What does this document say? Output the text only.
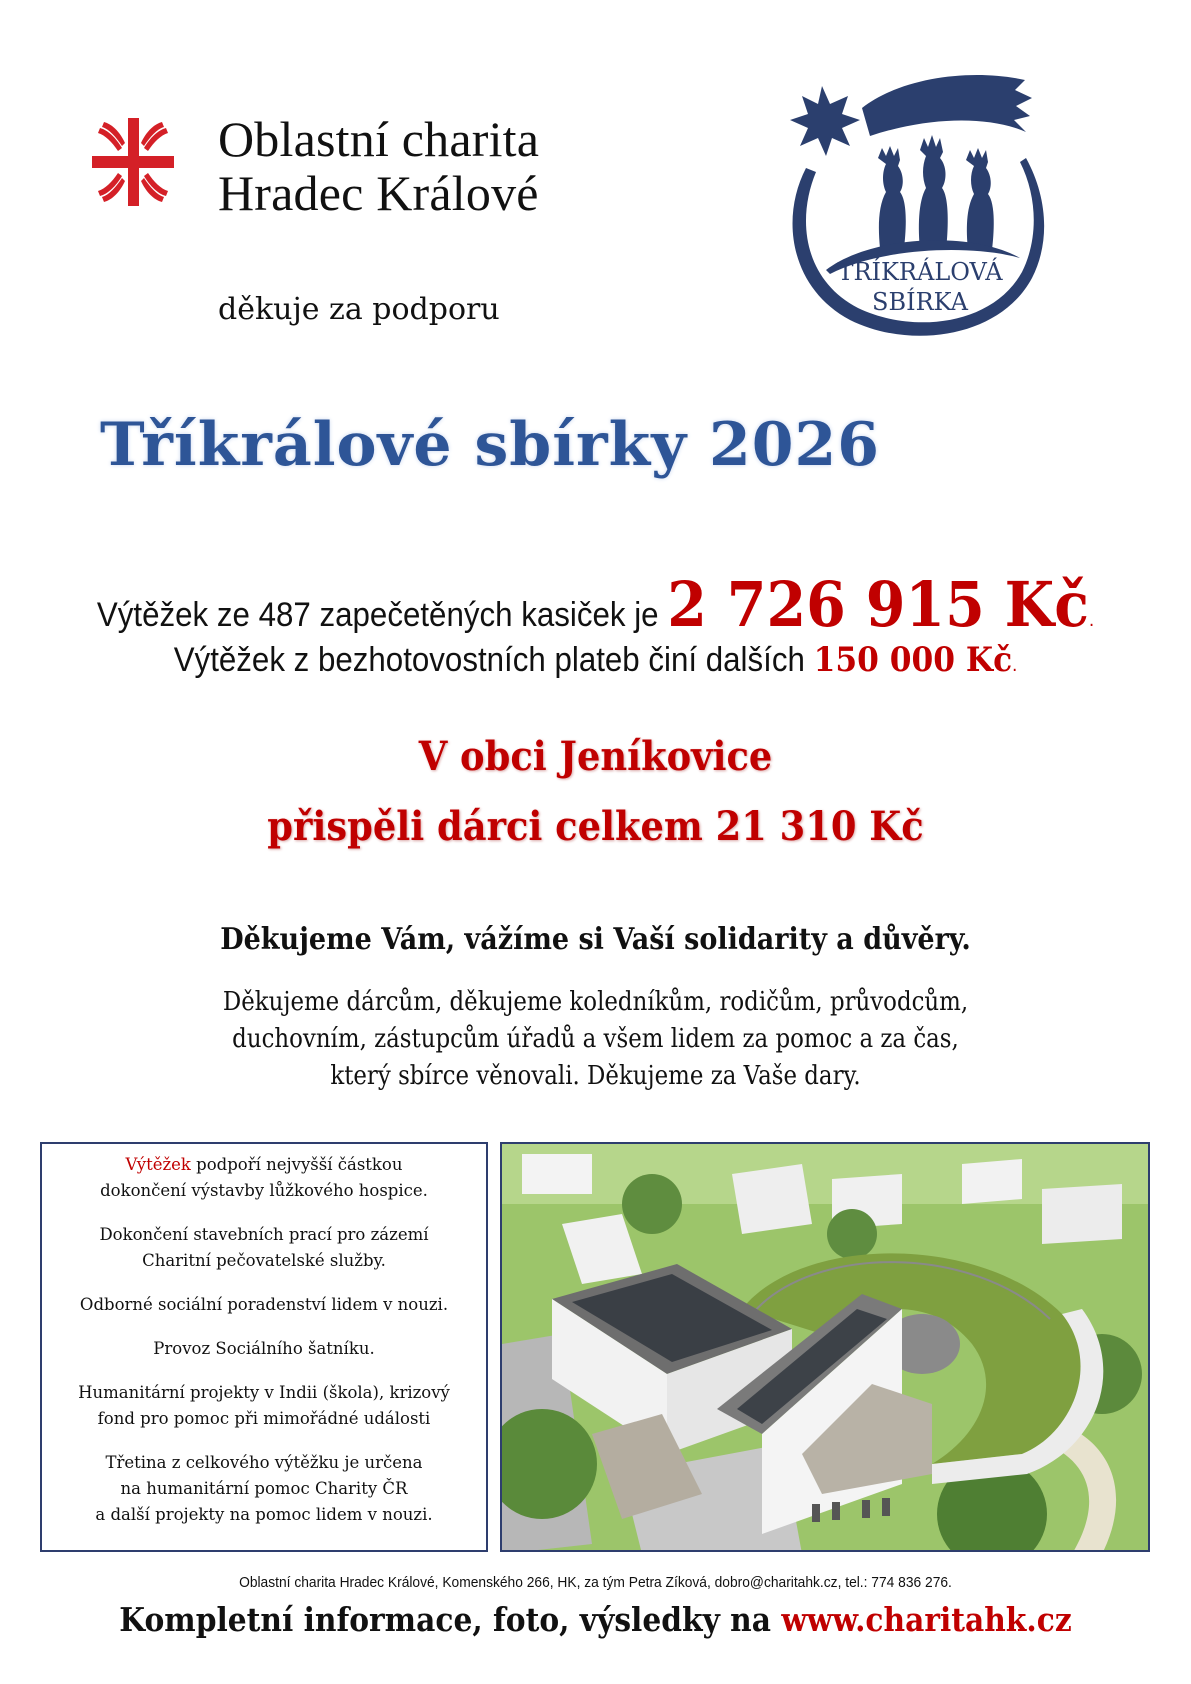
Oblastní charita
Hradec Králové
děkuje za podporu
TŘÍKRÁLOVÁ
SBÍRKA
Tříkrálové sbírky 2026
Výtěžek ze 487 zapečetěných kasiček je 2 726 915 Kč.
Výtěžek z bezhotovostních plateb činí dalších 150 000 Kč.
V obci Jeníkovice
přispěli dárci celkem 21 310 Kč
Děkujeme Vám, vážíme si Vaší solidarity a důvěry.
Děkujeme dárcům, děkujeme koledníkům, rodičům, průvodcům,
duchovním, zástupcům úřadů a všem lidem za pomoc a za čas,
který sbírce věnovali. Děkujeme za Vaše dary.

Výtěžek podpoří nejvyšší částkou
dokončení výstavby lůžkového hospice.

Dokončení stavebních prací pro zázemí
Charitní pečovatelské služby.

Odborné sociální poradenství lidem v nouzi.

Provoz Sociálního šatníku.

Humanitární projekty v Indii (škola), krizový
fond pro pomoc při mimořádné události

Třetina z celkového výtěžku je určena
na humanitární pomoc Charity ČR
a další projekty na pomoc lidem v nouzi.

Oblastní charita Hradec Králové, Komenského 266, HK, za tým Petra Zíková, dobro@charitahk.cz, tel.: 774 836 276.
Kompletní informace, foto, výsledky na www.charitahk.cz
